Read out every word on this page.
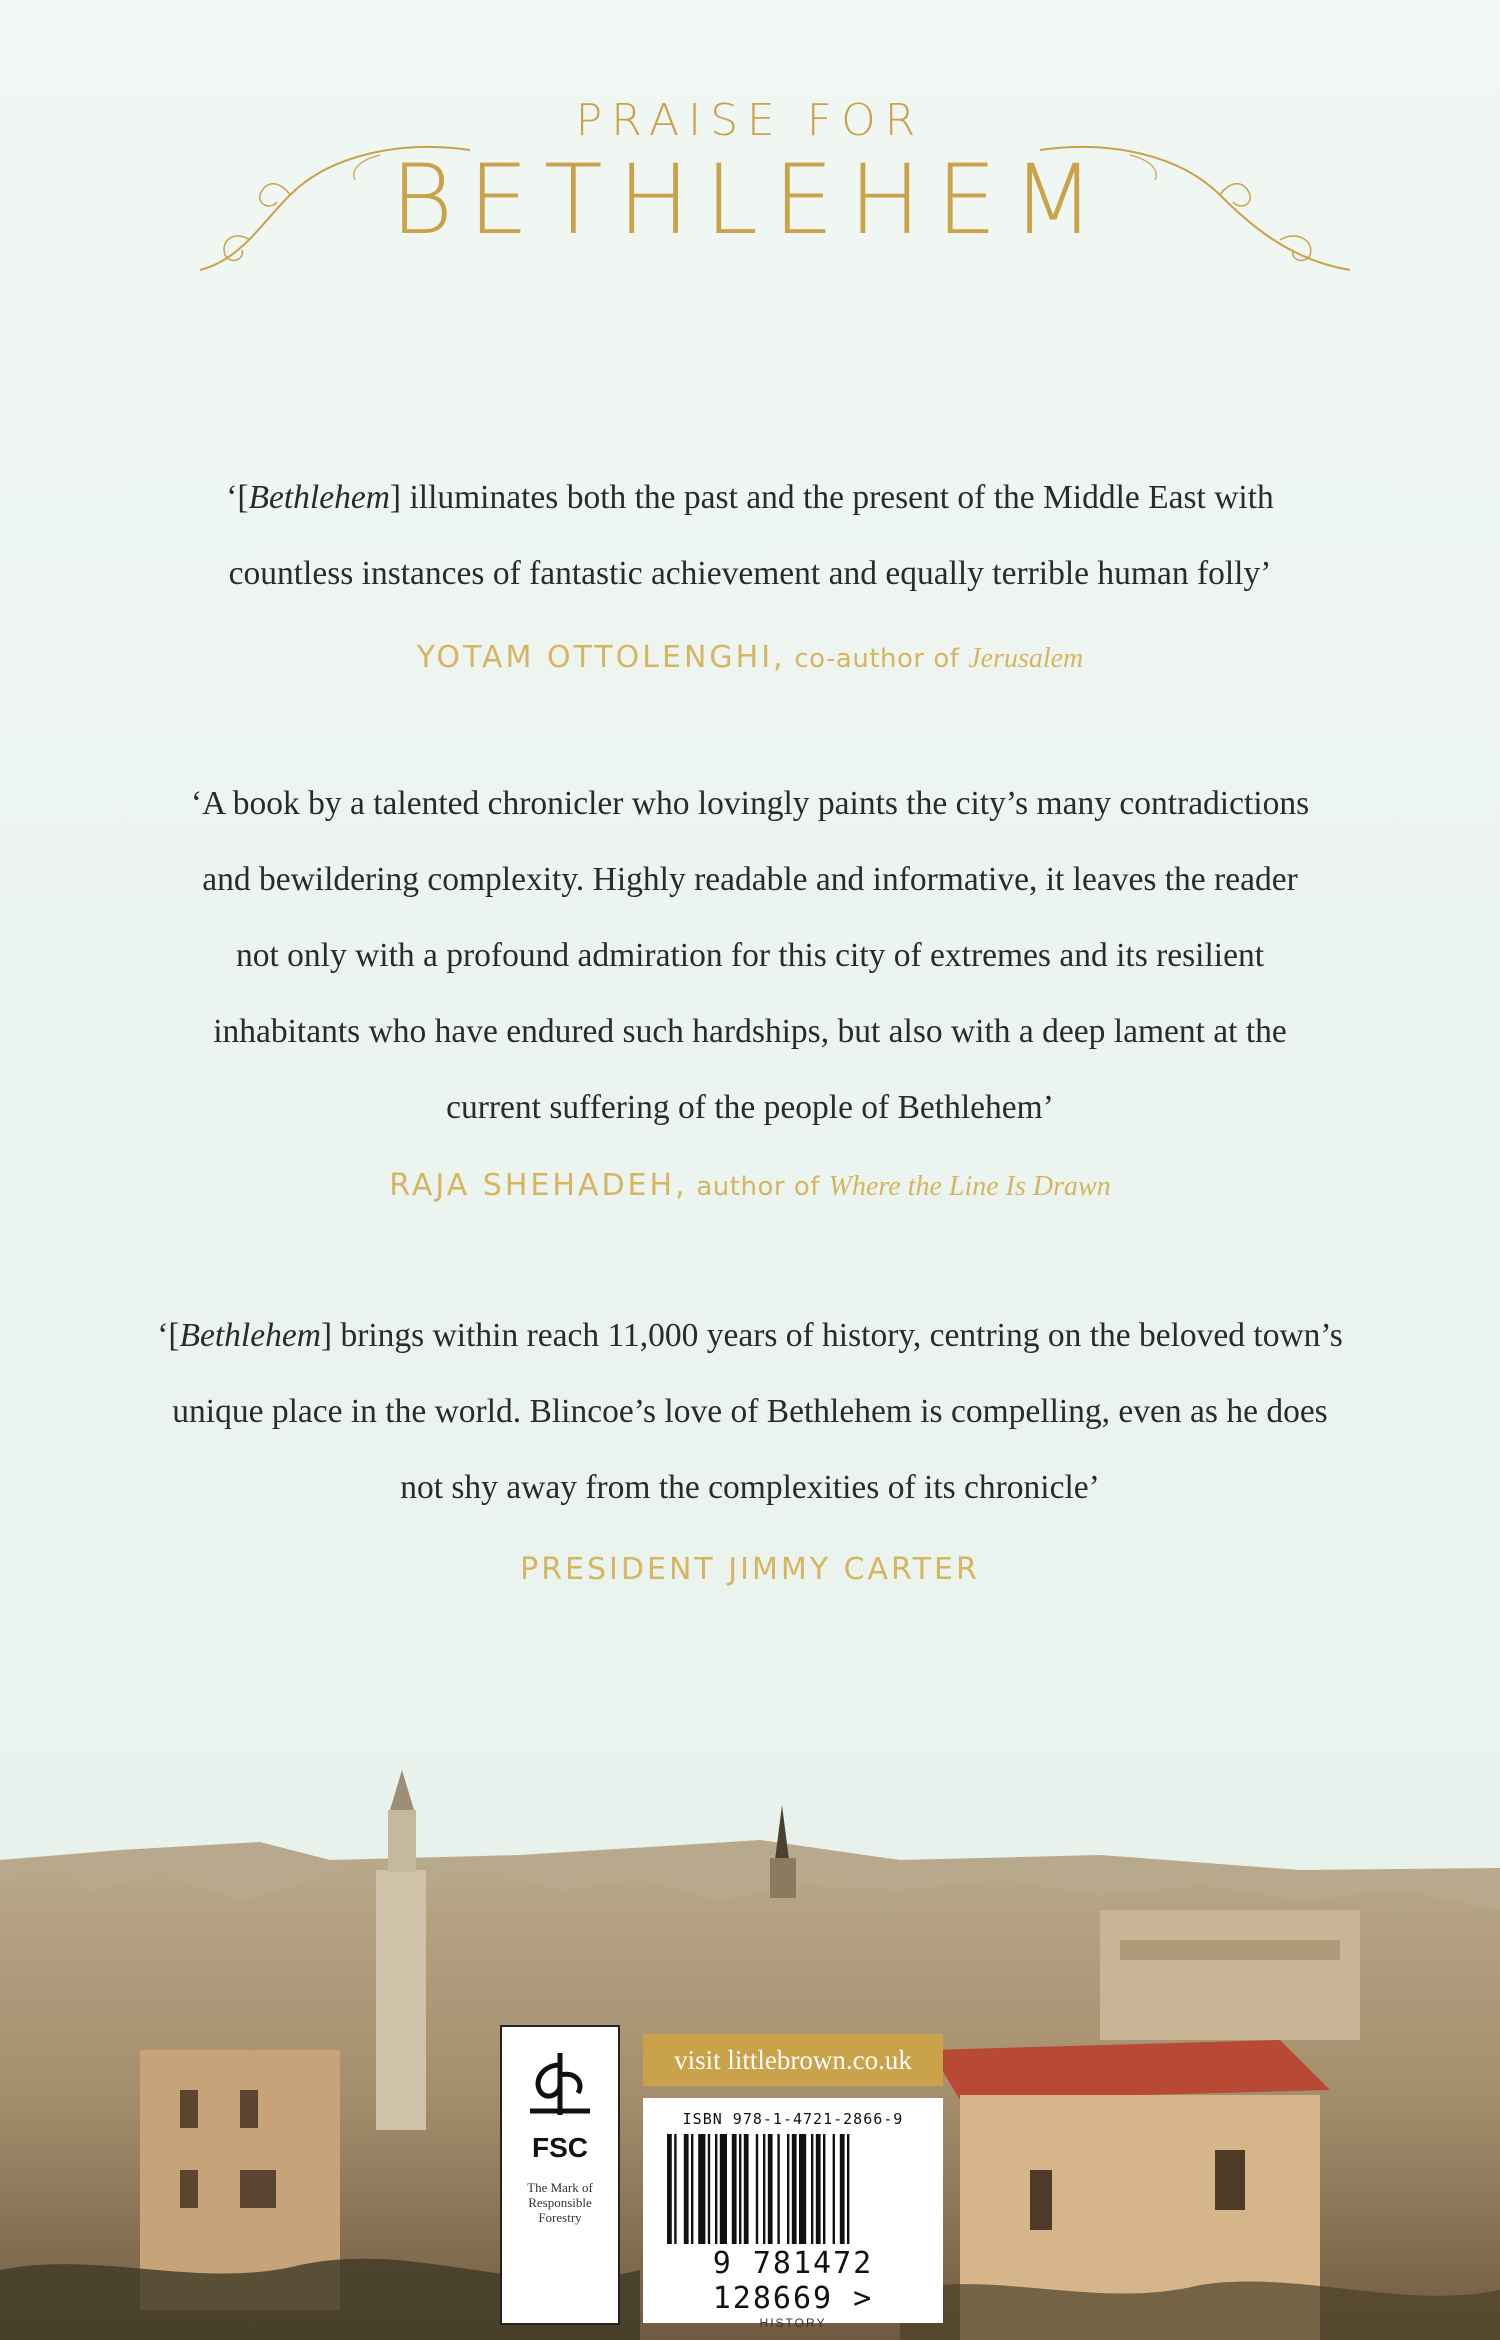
PRAISE FOR
BETHLEHEM
‘[Bethlehem] illuminates both the past and the present of the Middle East with
countless instances of fantastic achievement and equally terrible human folly’
YOTAM OTTOLENGHI, co-author of Jerusalem
‘A book by a talented chronicler who lovingly paints the city’s many contradictions
and bewildering complexity. Highly readable and informative, it leaves the reader
not only with a profound admiration for this city of extremes and its resilient
inhabitants who have endured such hardships, but also with a deep lament at the
current suffering of the people of Bethlehem’
RAJA SHEHADEH, author of Where the Line Is Drawn
‘[Bethlehem] brings within reach 11,000 years of history, centring on the beloved town’s
unique place in the world. Blincoe’s love of Bethlehem is compelling, even as he does
not shy away from the complexities of its chronicle’
PRESIDENT JIMMY CARTER
FSC
The Mark of Responsible Forestry
visit littlebrown.co.uk
ISBN 978-1-4721-2866-9
9 781472 128669 >
HISTORY
